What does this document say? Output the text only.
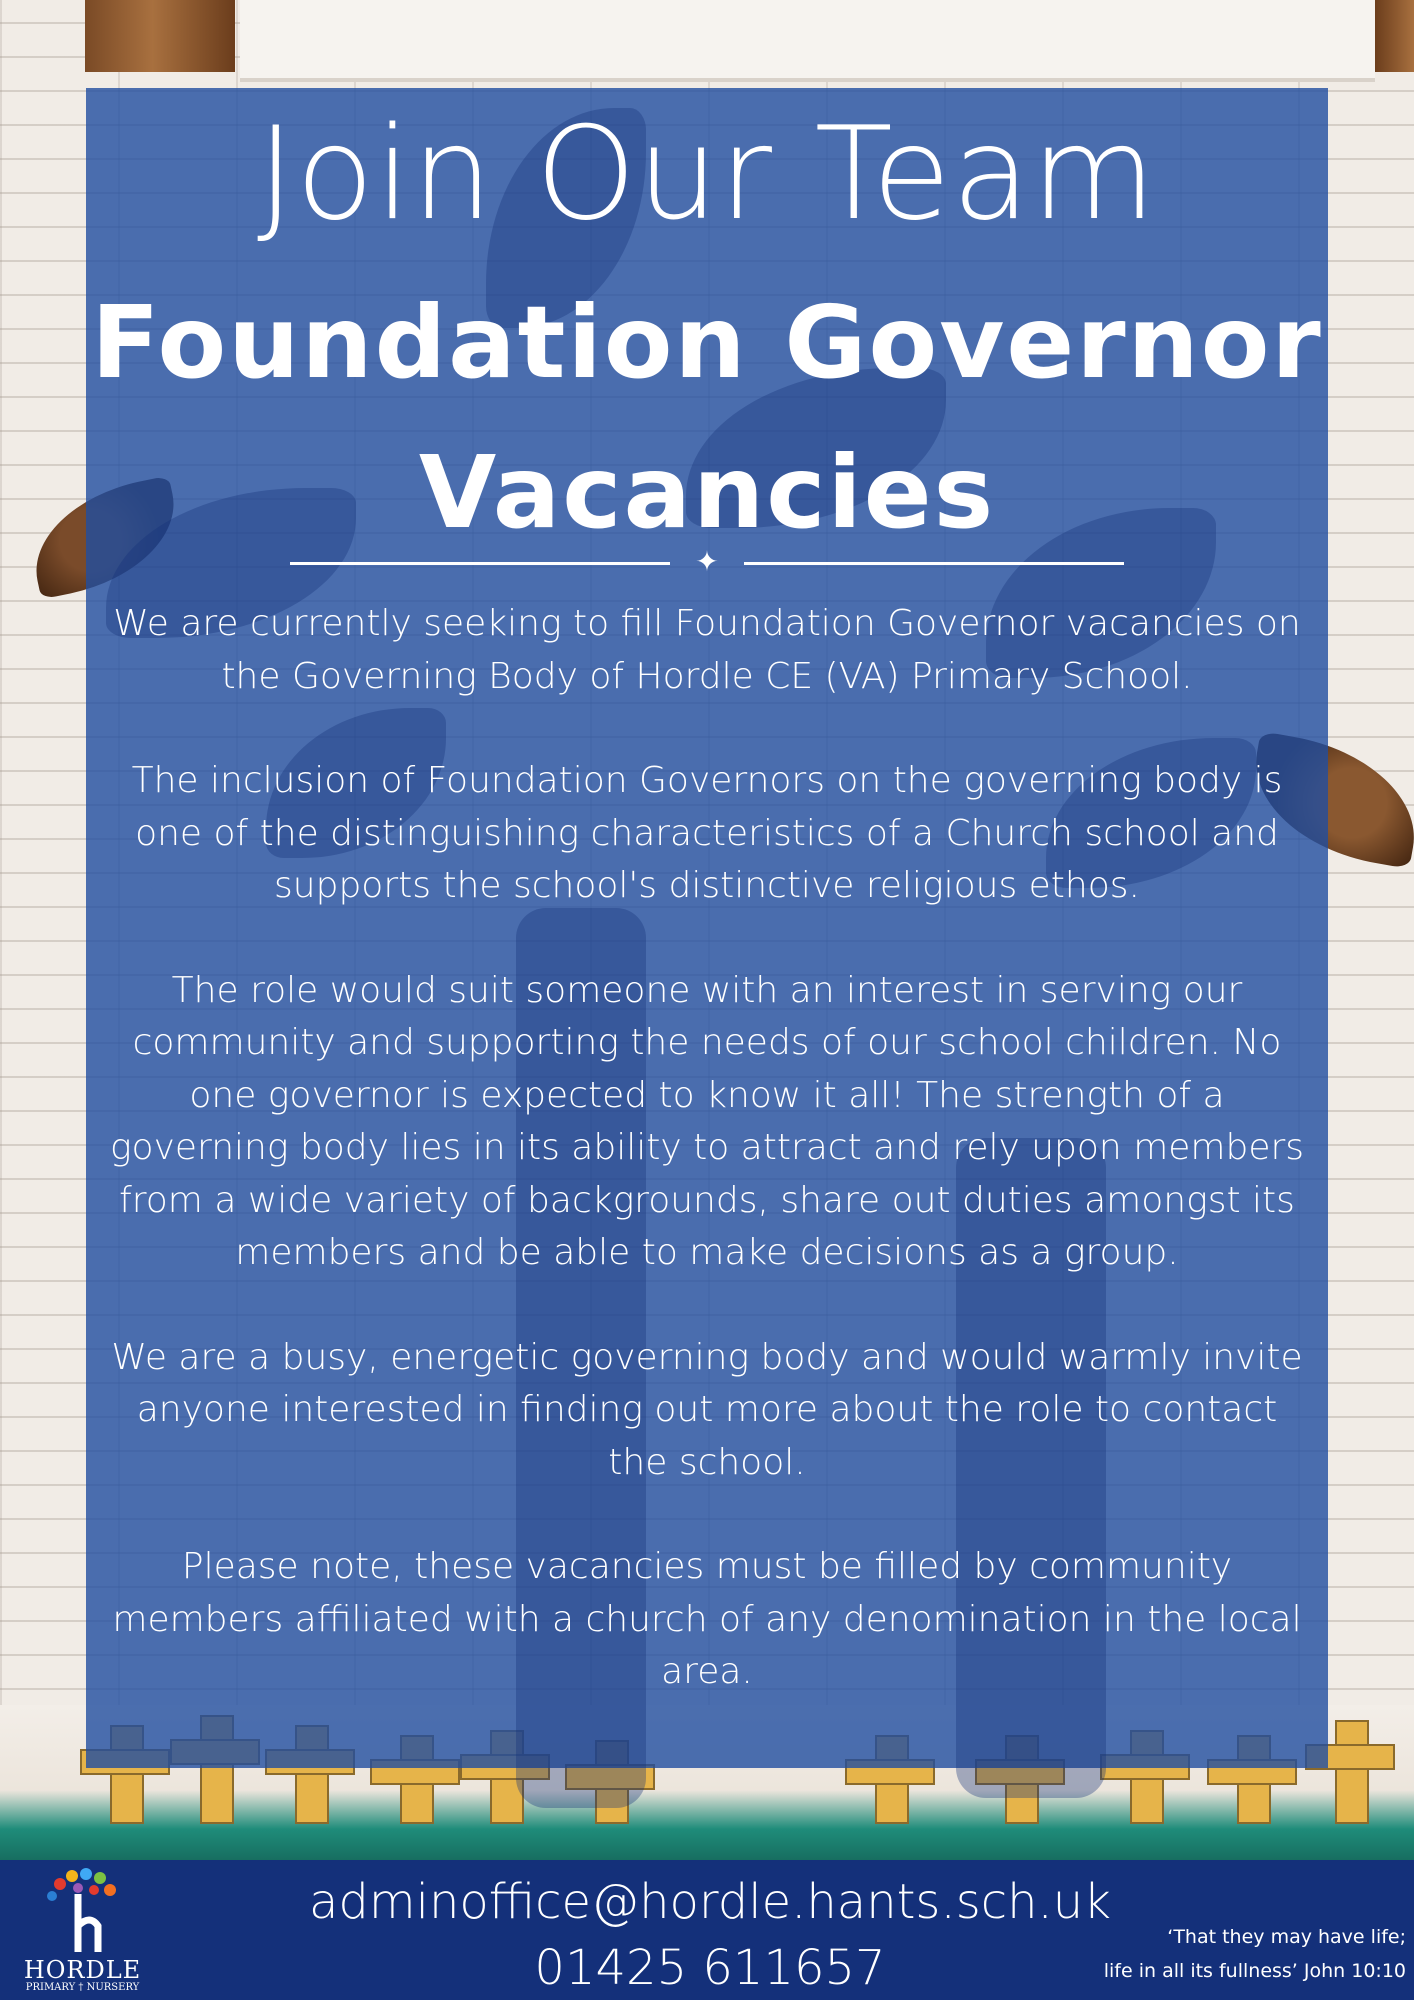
Join Our Team
Foundation Governor
Vacancies
✦

We are currently seeking to fill Foundation Governor vacancies on the Governing Body of Hordle CE (VA) Primary School.

The inclusion of Foundation Governors on the governing body is one of the distinguishing characteristics of a Church school and supports the school's distinctive religious ethos.

The role would suit someone with an interest in serving our community and supporting the needs of our school children. No one governor is expected to know it all! The strength of a governing body lies in its ability to attract and rely upon members from a wide variety of backgrounds, share out duties amongst its members and be able to make decisions as a group.

We are a busy, energetic governing body and would warmly invite anyone interested in finding out more about the role to contact the school.

Please note, these vacancies must be filled by community members affiliated with a church of any denomination in the local area.

HORDLE
PRIMARY † NURSERY
adminoffice@hordle.hants.sch.uk
01425 611657
‘That they may have life;
life in all its fullness’ John 10:10
